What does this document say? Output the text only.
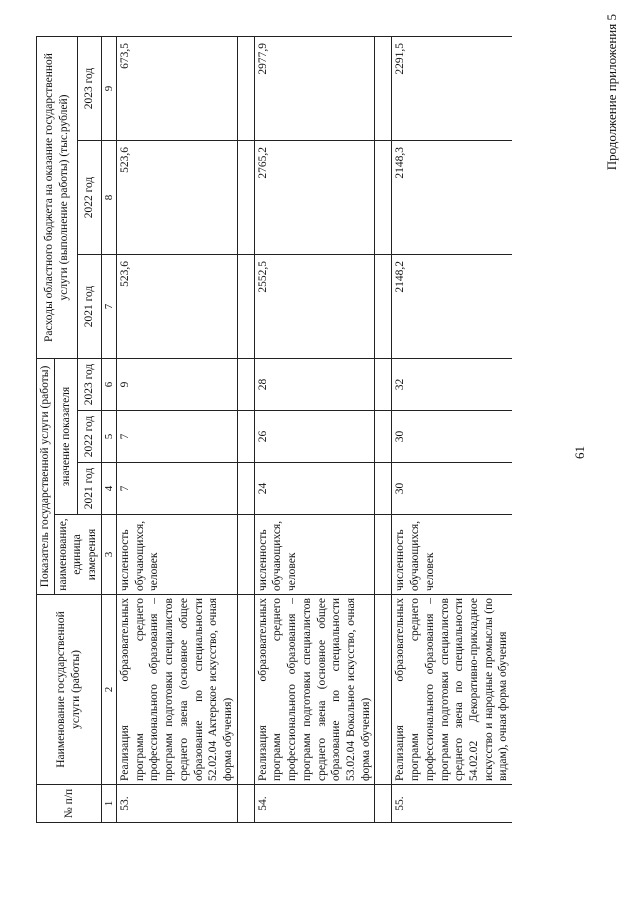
61
Продолжение приложения 5
№ п/п	Наименование государственной услуги (работы)	Показатель государственной услуги (работы)				Расходы областного бюджета на оказание государственной услуги (выполнение работы) (тыс.рублей)		
		наименование, единица измерения	значение показателя					
			2021 год	2022 год	2023 год	2021 год	2022 год	2023 год
1	2	3	4	5	6	7	8	9
53.	Реализация образовательных программ среднего профессионального образования – программ подготовки специалистов среднего звена (основное общее образование по специальности 52.02.04 Актерское искусство, очная форма обучения)	численность обучающихся, человек	7	7	9	523,6	523,6	673,5

54.	Реализация образовательных программ среднего профессионального образования – программ подготовки специалистов среднего звена (основное общее образование по специальности 53.02.04 Вокальное искусство, очная форма обучения)	численность обучающихся, человек	24	26	28	2552,5	2765,2	2977,9

55.	Реализация образовательных программ среднего профессионального образования – программ подготовки специалистов среднего звена по специальности 54.02.02 Декоративно-прикладное искусство и народные промыслы (по видам), очная форма обучения	численность обучающихся, человек	30	30	32	2148,2	2148,3	2291,5
